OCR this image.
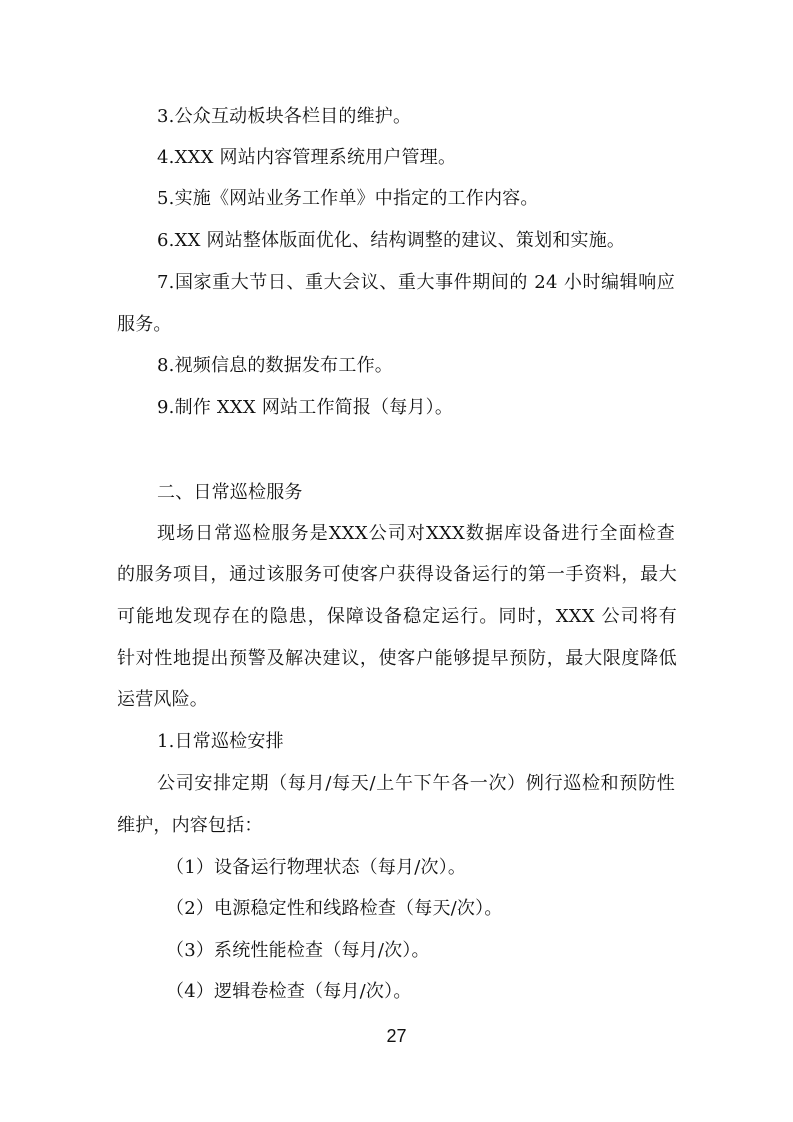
3.公众互动板块各栏目的维护。
4.XXX 网站内容管理系统用户管理。
5.实施《网站业务工作单》中指定的工作内容。
6.XX 网站整体版面优化、结构调整的建议、策划和实施。
7.国家重大节日、重大会议、重大事件期间的 24 小时编辑响应
服务。
8.视频信息的数据发布工作。
9.制作 XXX 网站工作简报（每月）。
二、日常巡检服务
现场日常巡检服务是XXX公司对XXX数据库设备进行全面检查
的服务项目，通过该服务可使客户获得设备运行的第一手资料，最大
可能地发现存在的隐患，保障设备稳定运行。同时，XXX 公司将有
针对性地提出预警及解决建议，使客户能够提早预防，最大限度降低
运营风险。
1.日常巡检安排
公司安排定期（每月/每天/上午下午各一次）例行巡检和预防性
维护，内容包括：
（1）设备运行物理状态（每月/次）。
（2）电源稳定性和线路检查（每天/次）。
（3）系统性能检查（每月/次）。
（4）逻辑卷检查（每月/次）。
27
